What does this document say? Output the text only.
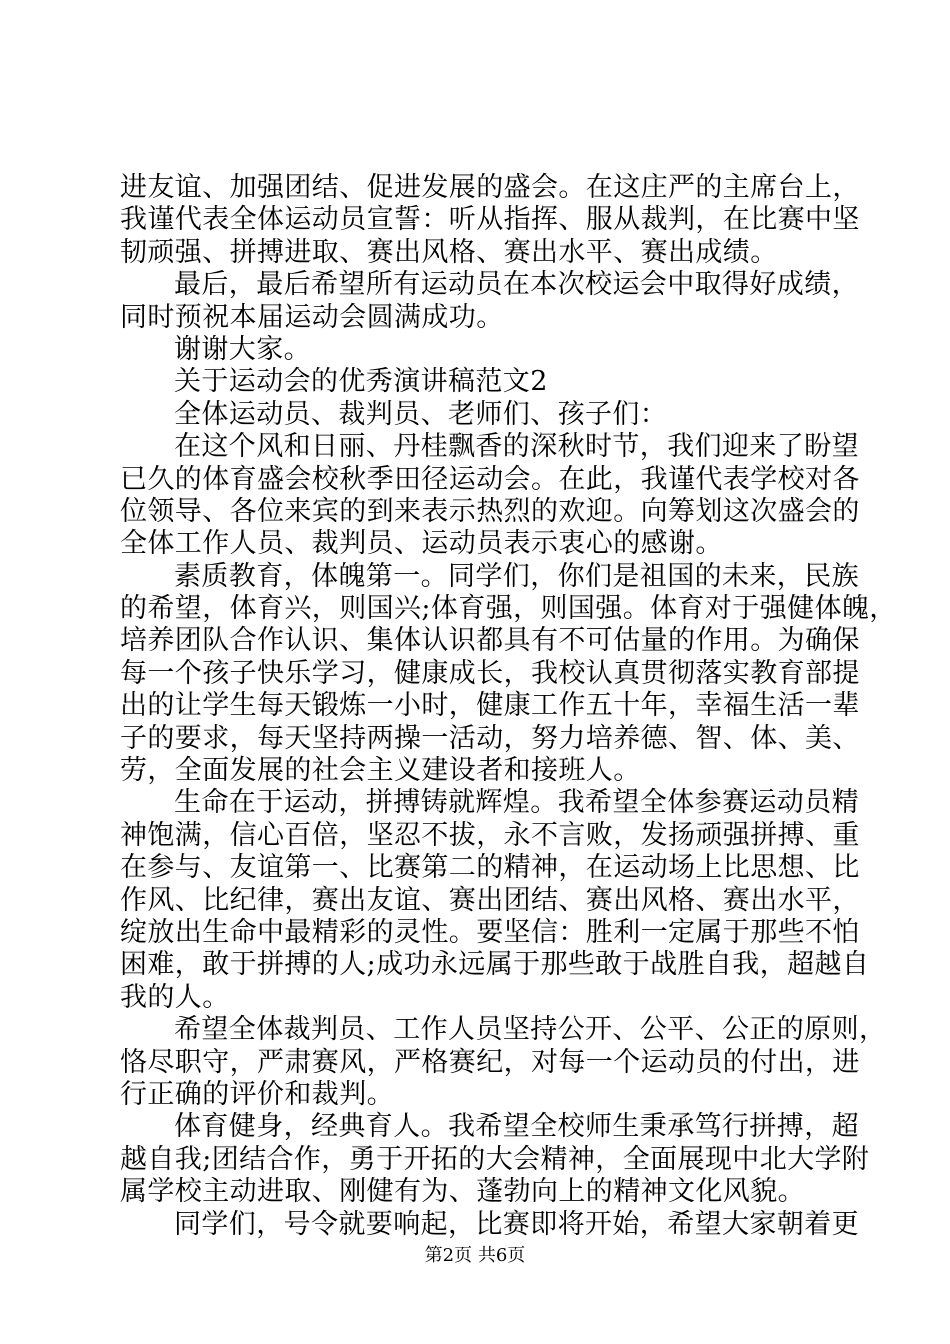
进友谊、加强团结、促进发展的盛会。在这庄严的主席台上，
我谨代表全体运动员宣誓：听从指挥、服从裁判，在比赛中坚
韧顽强、拼搏进取、赛出风格、赛出水平、赛出成绩。
最后，最后希望所有运动员在本次校运会中取得好成绩，
同时预祝本届运动会圆满成功。
谢谢大家。
关于运动会的优秀演讲稿范文2
全体运动员、裁判员、老师们、孩子们：
在这个风和日丽、丹桂飘香的深秋时节，我们迎来了盼望
已久的体育盛会校秋季田径运动会。在此，我谨代表学校对各
位领导、各位来宾的到来表示热烈的欢迎。向筹划这次盛会的
全体工作人员、裁判员、运动员表示衷心的感谢。
素质教育，体魄第一。同学们，你们是祖国的未来，民族
的希望，体育兴，则国兴;体育强，则国强。体育对于强健体魄，
培养团队合作认识、集体认识都具有不可估量的作用。为确保
每一个孩子快乐学习，健康成长，我校认真贯彻落实教育部提
出的让学生每天锻炼一小时，健康工作五十年，幸福生活一辈
子的要求，每天坚持两操一活动，努力培养德、智、体、美、
劳，全面发展的社会主义建设者和接班人。
生命在于运动，拼搏铸就辉煌。我希望全体参赛运动员精
神饱满，信心百倍，坚忍不拔，永不言败，发扬顽强拼搏、重
在参与、友谊第一、比赛第二的精神，在运动场上比思想、比
作风、比纪律，赛出友谊、赛出团结、赛出风格、赛出水平，
绽放出生命中最精彩的灵性。要坚信：胜利一定属于那些不怕
困难，敢于拼搏的人;成功永远属于那些敢于战胜自我，超越自
我的人。
希望全体裁判员、工作人员坚持公开、公平、公正的原则，
恪尽职守，严肃赛风，严格赛纪，对每一个运动员的付出，进
行正确的评价和裁判。
体育健身，经典育人。我希望全校师生秉承笃行拼搏，超
越自我;团结合作，勇于开拓的大会精神，全面展现中北大学附
属学校主动进取、刚健有为、蓬勃向上的精神文化风貌。
同学们，号令就要响起，比赛即将开始，希望大家朝着更
第2页 共6页
